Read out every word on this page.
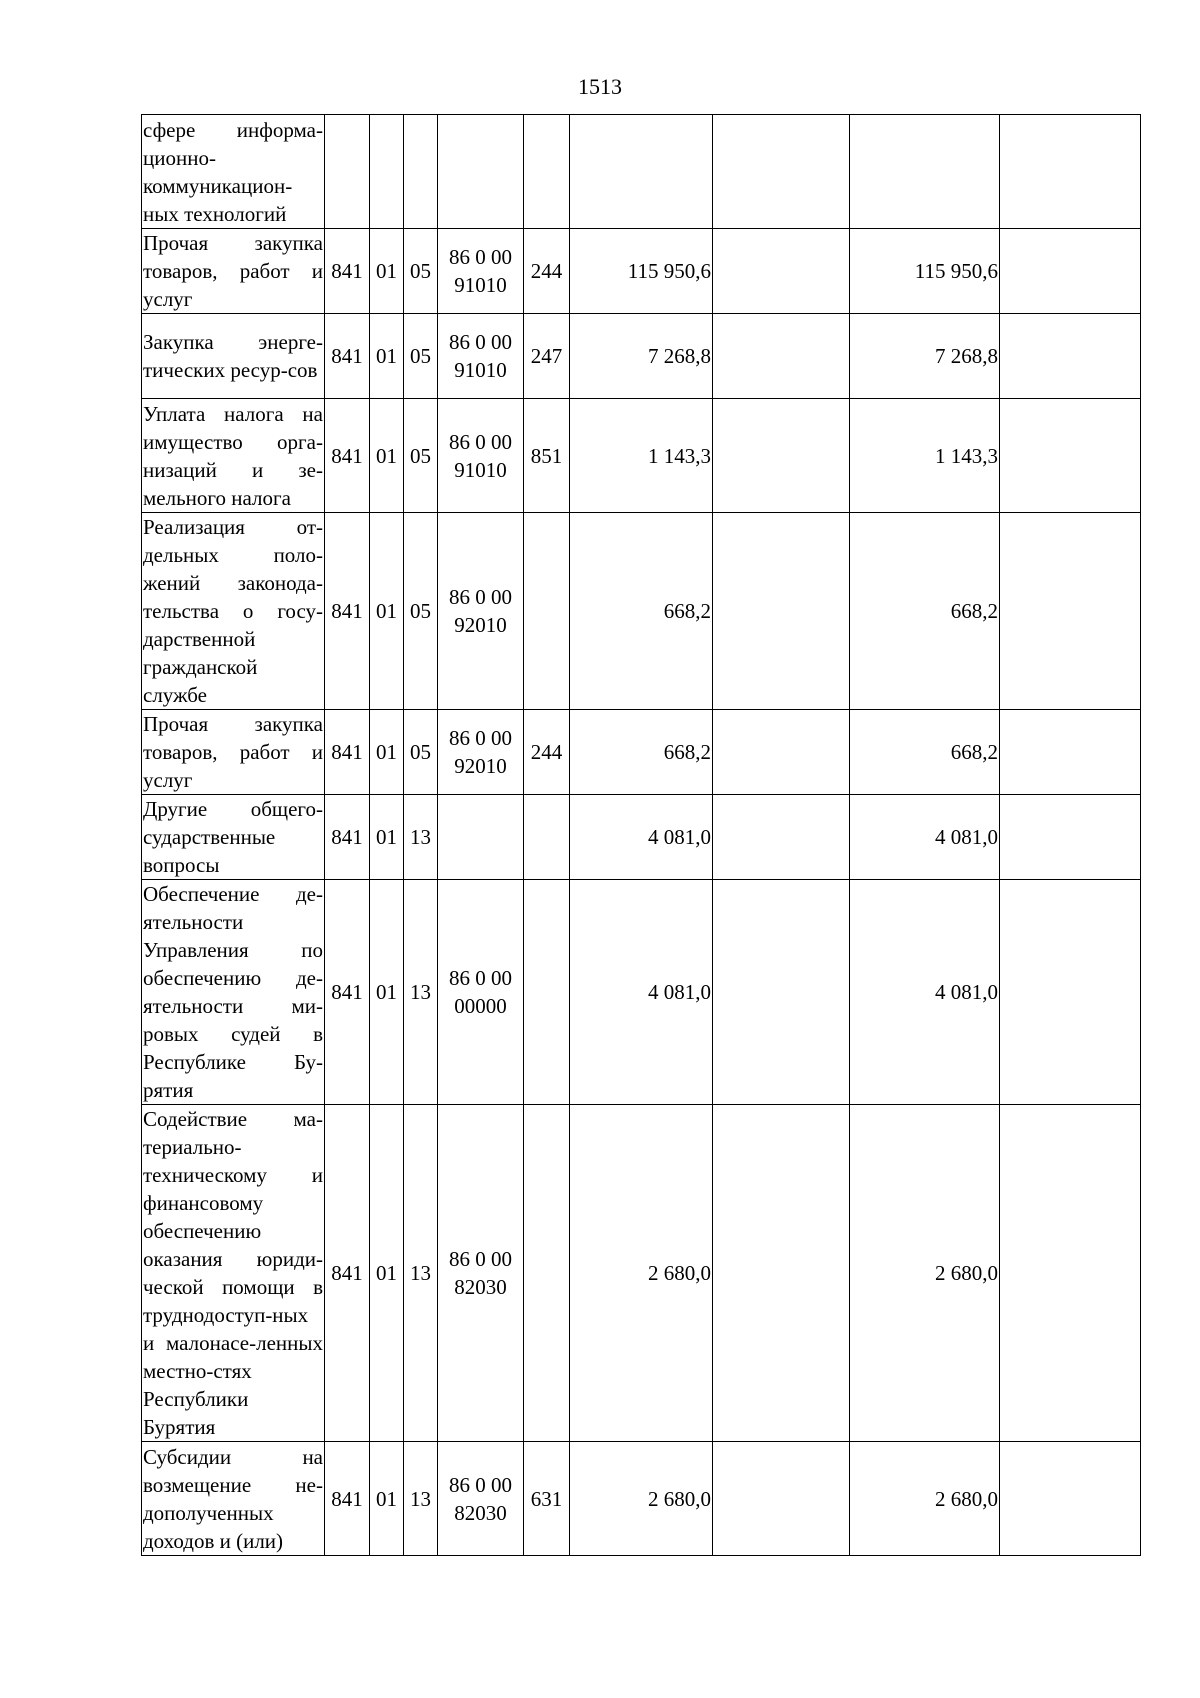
1513
сфере информа-ционно-коммуникацион-ных технологий				

Прочая закупка товаров, работ и услуг	841	01	05	86 0 00
91010	244	115 950,6		115 950,6	
Закупка энерге-тических ресур-сов	841	01	05	86 0 00
91010	247	7 268,8		7 268,8	
Уплата налога на имущество орга-низаций и зе-мельного налога	841	01	05	86 0 00
91010	851	1 143,3		1 143,3	
Реализация от-дельных поло-жений законода-тельства о госу-дарственной гражданской службе	841	01	05	86 0 00
92010		668,2		668,2	
Прочая закупка товаров, работ и услуг	841	01	05	86 0 00
92010	244	668,2		668,2	
Другие общего-сударственные вопросы	841	01	13			4 081,0		4 081,0	
Обеспечение де-ятельности Управления по обеспечению де-ятельности ми-ровых судей в Республике Бу-рятия	841	01	13	86 0 00
00000		4 081,0		4 081,0	
Содействие ма-териально-техническому и финансовому обеспечению оказания юриди-ческой помощи в труднодоступ-ных и малонасе-ленных местно-стях Республики Бурятия	841	01	13	86 0 00
82030		2 680,0		2 680,0	
Субсидии на возмещение не-дополученных доходов и (или)	841	01	13	86 0 00
82030	631	2 680,0		2 680,0	
